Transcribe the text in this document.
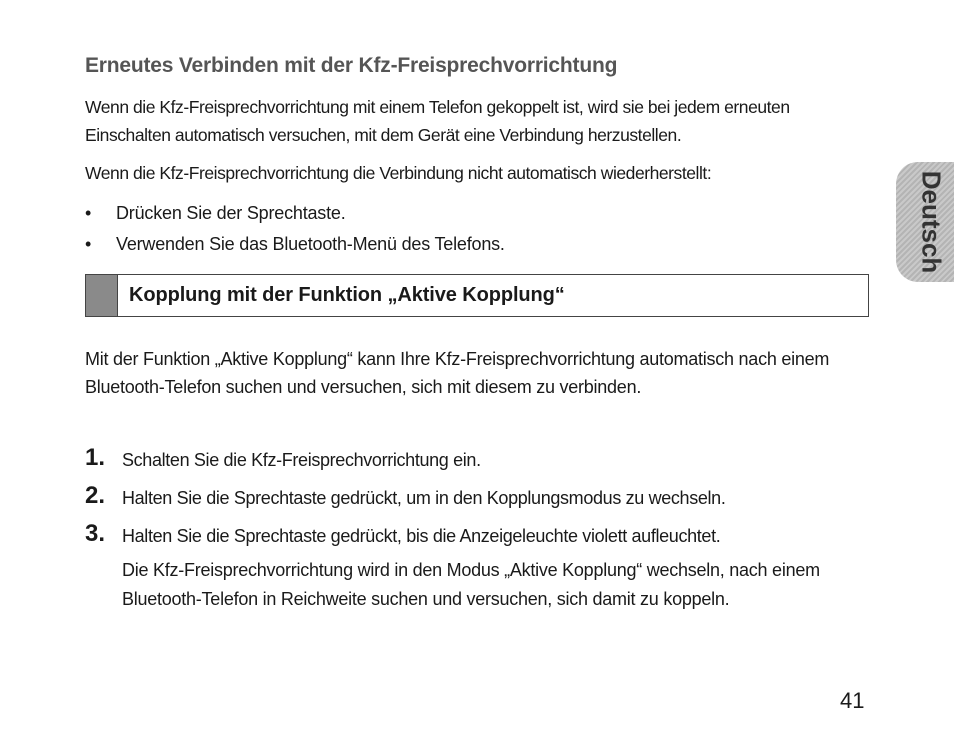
Erneutes Verbinden mit der Kfz-Freisprechvorrichtung
Wenn die Kfz-Freisprechvorrichtung mit einem Telefon gekoppelt ist, wird sie bei jedem erneuten Einschalten automatisch versuchen, mit dem Gerät eine Verbindung herzustellen.
Wenn die Kfz-Freisprechvorrichtung die Verbindung nicht automatisch wiederherstellt:
•	Drücken Sie der Sprechtaste.
•	Verwenden Sie das Bluetooth-Menü des Telefons.
Kopplung mit der Funktion „Aktive Kopplung“
Mit der Funktion „Aktive Kopplung“ kann Ihre Kfz-Freisprechvorrichtung automatisch nach einem Bluetooth-Telefon suchen und versuchen, sich mit diesem zu verbinden.
1. Schalten Sie die Kfz-Freisprechvorrichtung ein.
2. Halten Sie die Sprechtaste gedrückt, um in den Kopplungsmodus zu wechseln.
3. Halten Sie die Sprechtaste gedrückt, bis die Anzeigeleuchte violett aufleuchtet.
Die Kfz-Freisprechvorrichtung wird in den Modus „Aktive Kopplung“ wechseln, nach einem Bluetooth-Telefon in Reichweite suchen und versuchen, sich damit zu koppeln.
Deutsch
41
